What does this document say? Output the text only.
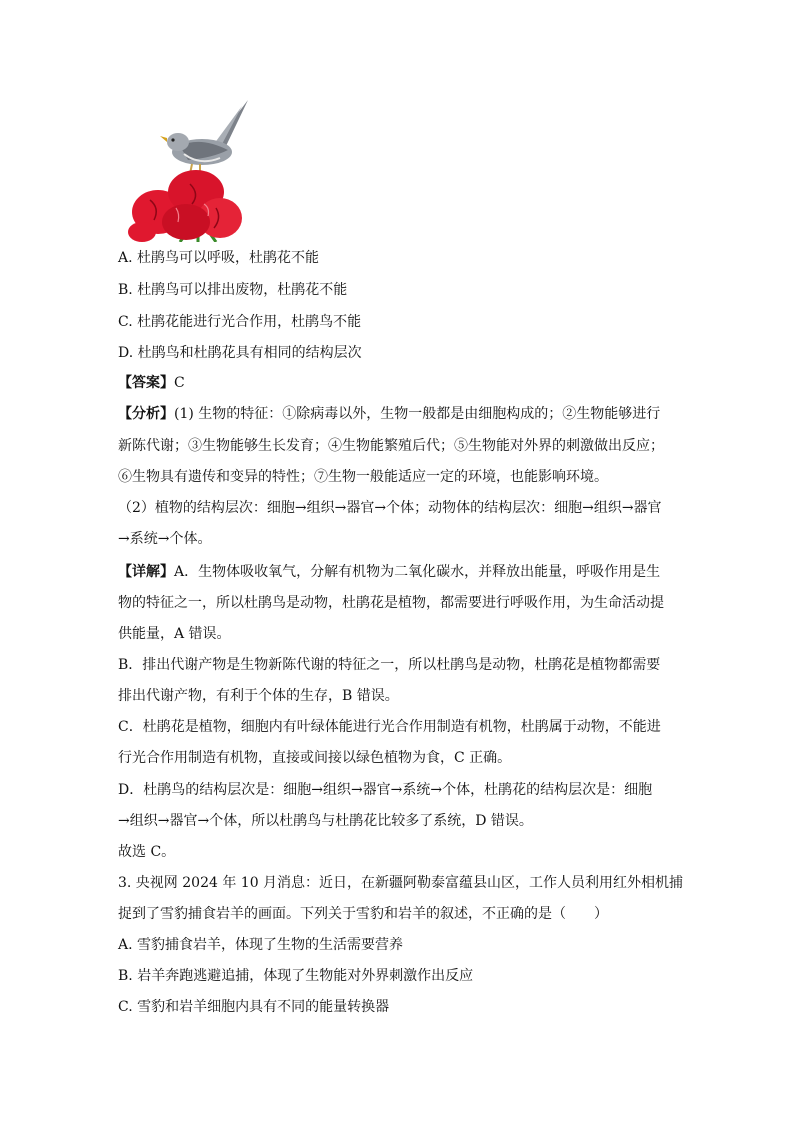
A. 杜鹃鸟可以呼吸，杜鹃花不能
B. 杜鹃鸟可以排出废物，杜鹃花不能
C. 杜鹃花能进行光合作用，杜鹃鸟不能
D. 杜鹃鸟和杜鹃花具有相同的结构层次
【答案】C
【分析】(1) 生物的特征：①除病毒以外，生物一般都是由细胞构成的；②生物能够进行
新陈代谢；③生物能够生长发育；④生物能繁殖后代；⑤生物能对外界的刺激做出反应；
⑥生物具有遗传和变异的特性；⑦生物一般能适应一定的环境，也能影响环境。
（2）植物的结构层次：细胞→组织→器官→个体；动物体的结构层次：细胞→组织→器官
→系统→个体。
【详解】A．生物体吸收氧气，分解有机物为二氧化碳水，并释放出能量，呼吸作用是生
物的特征之一，所以杜鹃鸟是动物，杜鹃花是植物，都需要进行呼吸作用，为生命活动提
供能量，A 错误。
B．排出代谢产物是生物新陈代谢的特征之一，所以杜鹃鸟是动物，杜鹃花是植物都需要
排出代谢产物，有利于个体的生存，B 错误。
C．杜鹃花是植物，细胞内有叶绿体能进行光合作用制造有机物，杜鹃属于动物，不能进
行光合作用制造有机物，直接或间接以绿色植物为食，C 正确。
D．杜鹃鸟的结构层次是：细胞→组织→器官→系统→个体，杜鹃花的结构层次是：细胞
→组织→器官→个体，所以杜鹃鸟与杜鹃花比较多了系统，D 错误。
故选 C。
3. 央视网 2024 年 10 月消息：近日，在新疆阿勒泰富蕴县山区，工作人员利用红外相机捕
捉到了雪豹捕食岩羊的画面。下列关于雪豹和岩羊的叙述，不正确的是（　　）
A. 雪豹捕食岩羊，体现了生物的生活需要营养
B. 岩羊奔跑逃避追捕，体现了生物能对外界刺激作出反应
C. 雪豹和岩羊细胞内具有不同的能量转换器
